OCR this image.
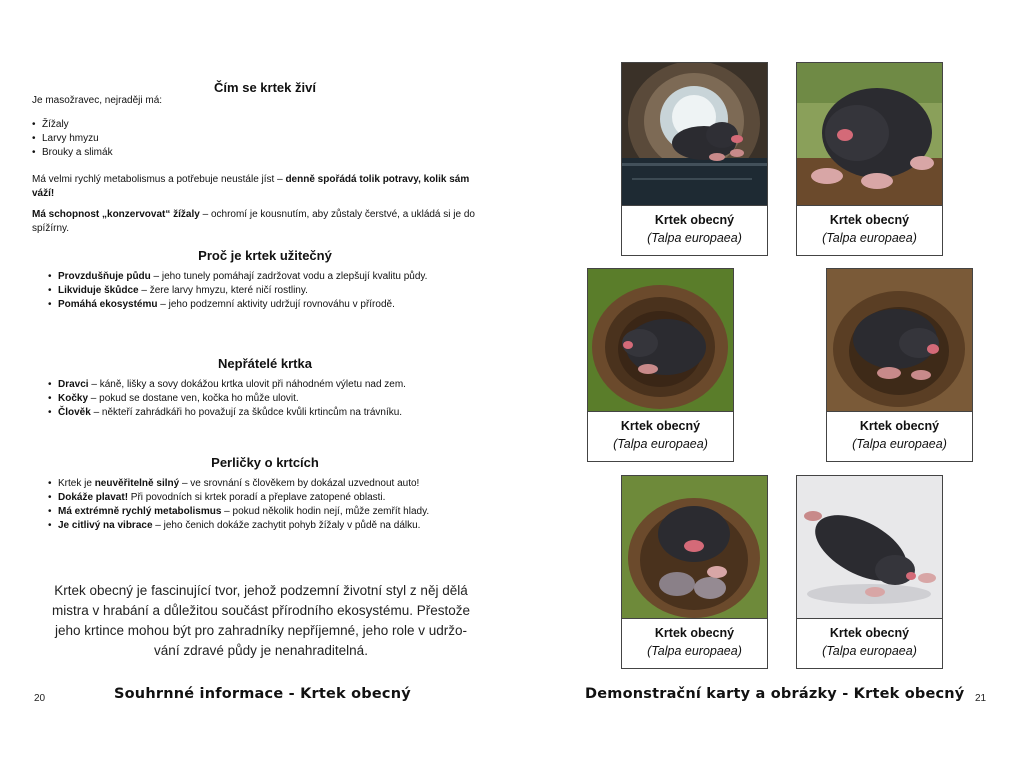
Čím se krtek živí
Je masožravec, nejraději má:
• Žížaly
• Larvy hmyzu
• Brouky a slimák
Má velmi rychlý metabolismus a potřebuje neustále jíst – denně spořádá tolik potravy, kolik sám váží!
Má schopnost „konzervovat“ žížaly – ochromí je kousnutím, aby zůstaly čerstvé, a ukládá si je do spížírny.
Proč je krtek užitečný
• Provzdušňuje půdu – jeho tunely pomáhají zadržovat vodu a zlepšují kvalitu půdy.
• Likviduje škůdce – žere larvy hmyzu, které ničí rostliny.
• Pomáhá ekosystému – jeho podzemní aktivity udržují rovnováhu v přírodě.
Nepřátelé krtka
• Dravci – káně, lišky a sovy dokážou krtka ulovit při náhodném výletu nad zem.
• Kočky – pokud se dostane ven, kočka ho může ulovit.
• Člověk – někteří zahrádkáři ho považují za škůdce kvůli krtincům na trávníku.
Perličky o krtcích
• Krtek je neuvěřitelně silný – ve srovnání s člověkem by dokázal uzvednout auto!
• Dokáže plavat! Při povodních si krtek poradí a přeplave zatopené oblasti.
• Má extrémně rychlý metabolismus – pokud několik hodin nejí, může zemřít hlady.
• Je citlivý na vibrace – jeho čenich dokáže zachytit pohyb žížaly v půdě na dálku.
Krtek obecný je fascinující tvor, jehož podzemní životní styl z něj dělá
mistra v hrabání a důležitou součást přírodního ekosystému. Přestože
jeho krtince mohou být pro zahradníky nepříjemné, jeho role v udržo-
vání zdravé půdy je nenahraditelná.
20	Souhrnné informace - Krtek obecný
Krtek obecný
(Talpa europaea)
Krtek obecný
(Talpa europaea)
Krtek obecný
(Talpa europaea)
Krtek obecný
(Talpa europaea)
Krtek obecný
(Talpa europaea)
Krtek obecný
(Talpa europaea)
Demonstrační karty a obrázky - Krtek obecný 21
